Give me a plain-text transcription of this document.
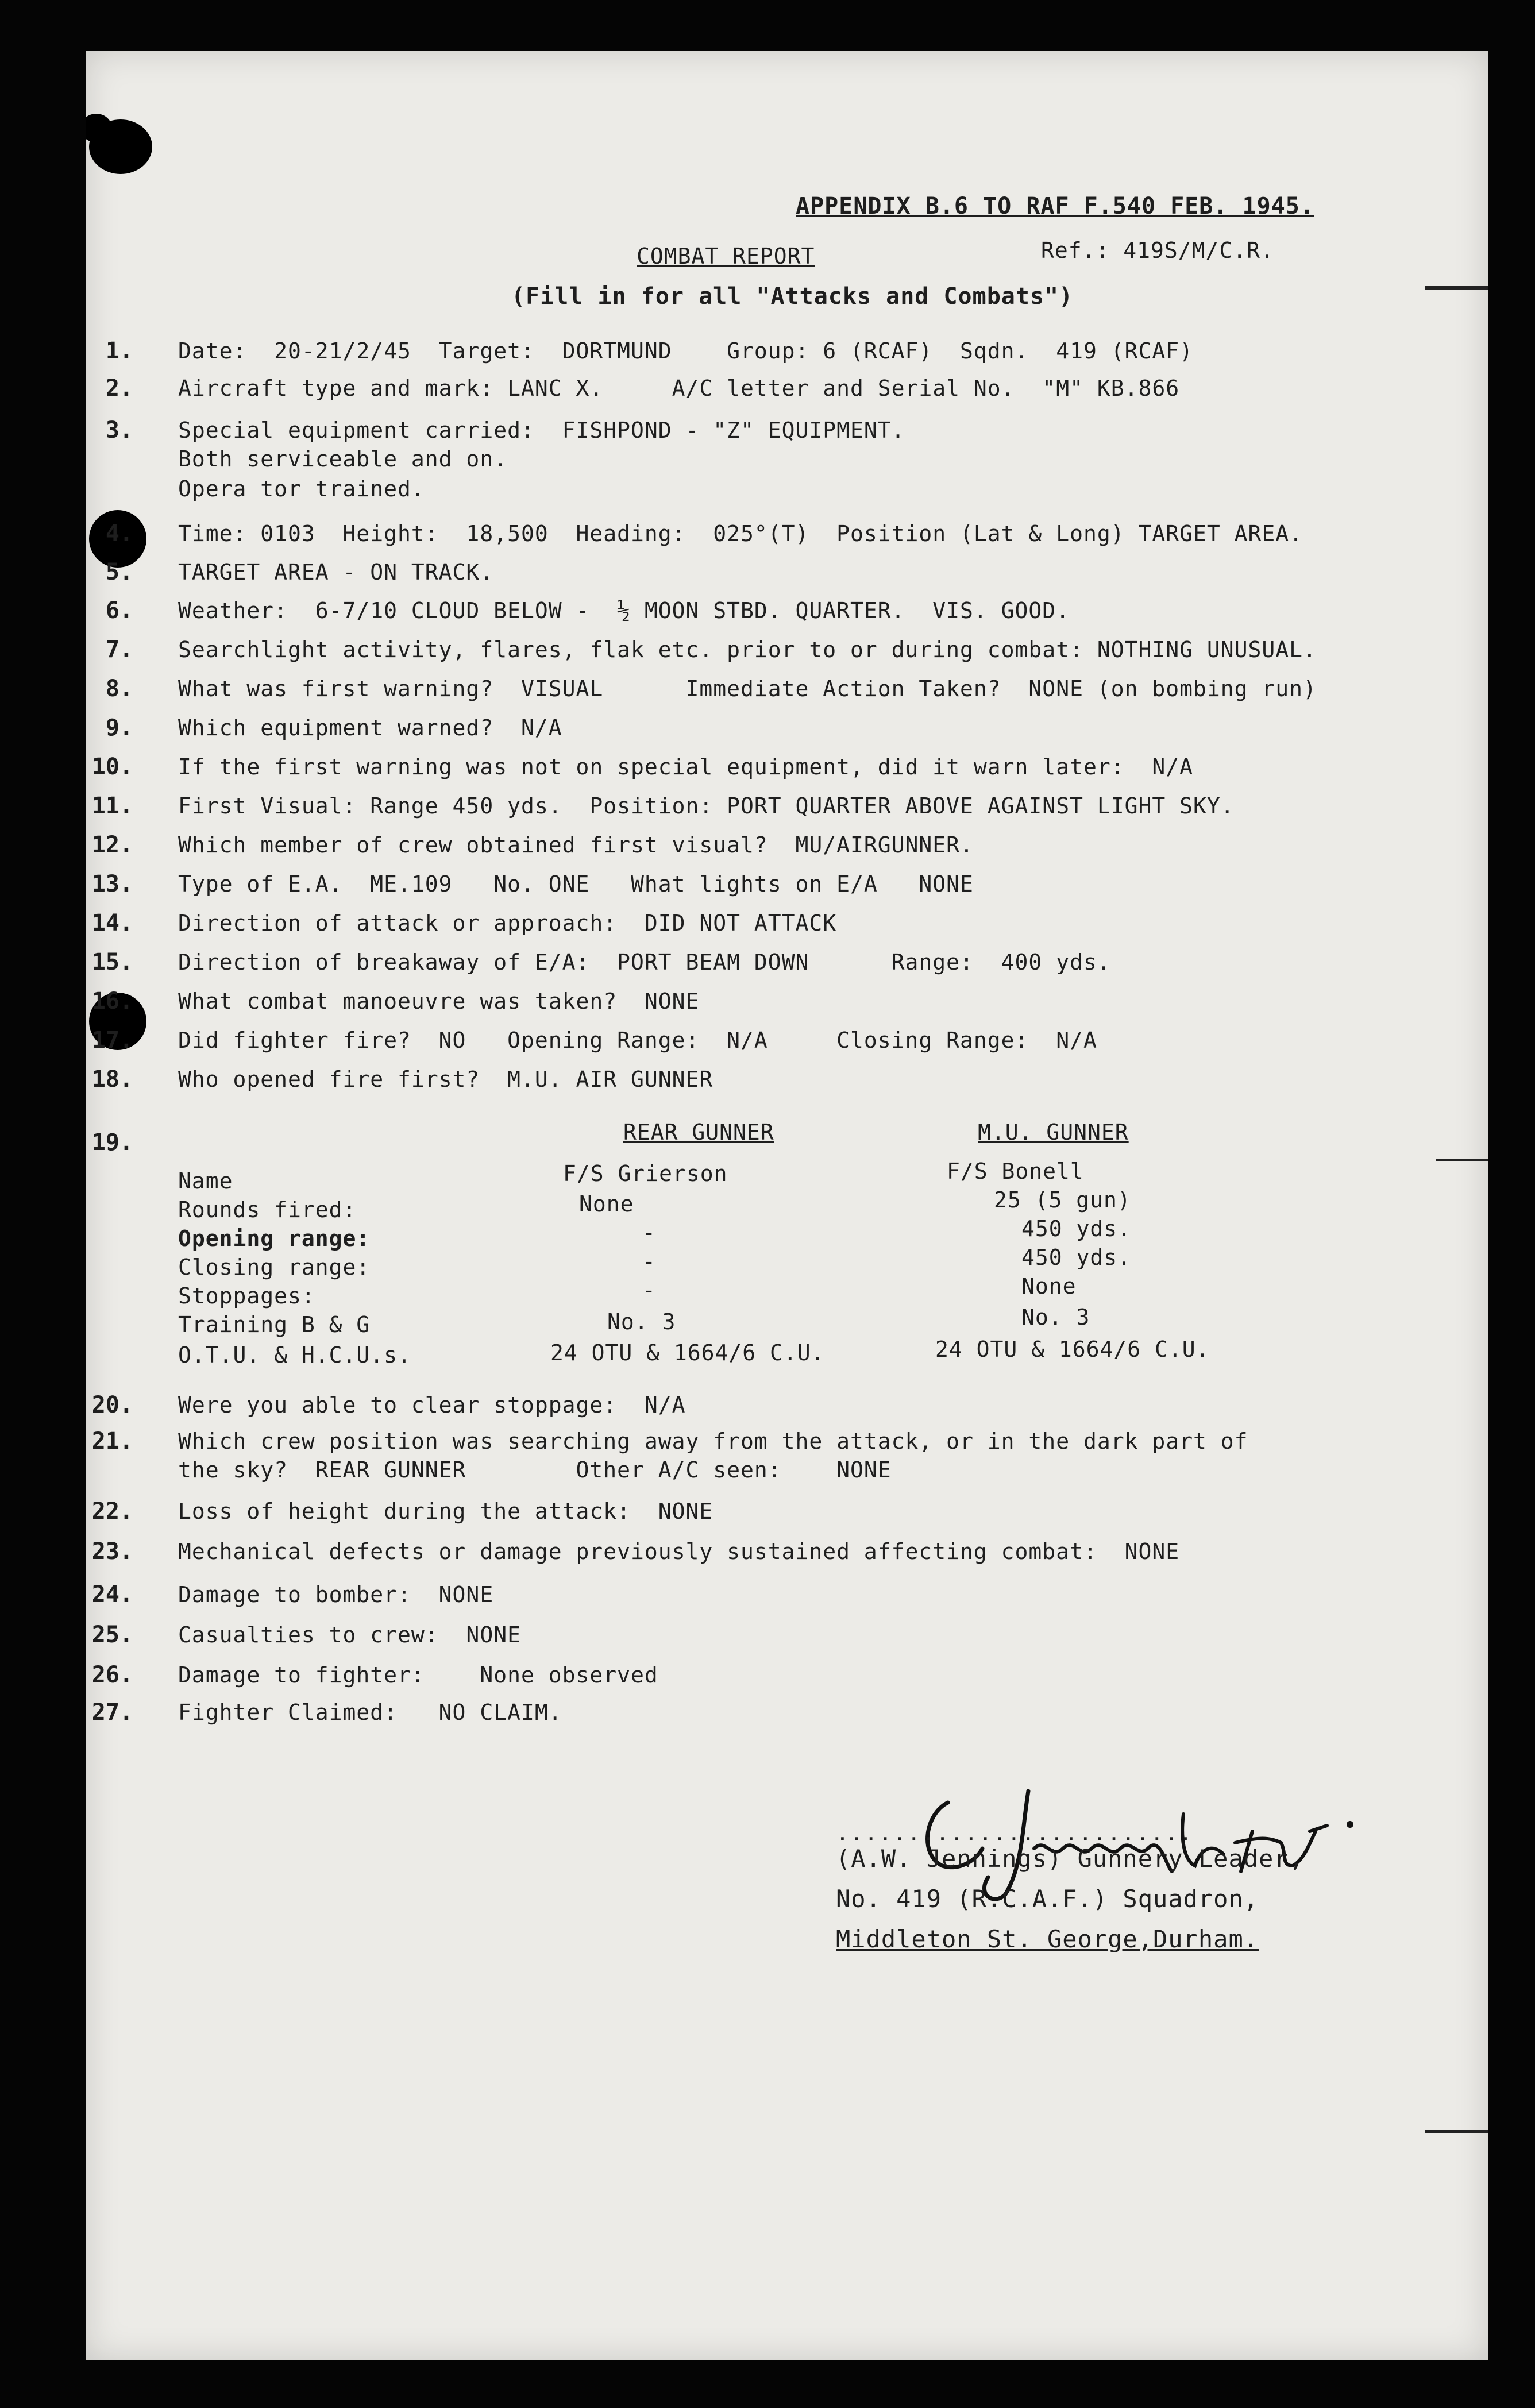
APPENDIX B.6 TO RAF F.540 FEB. 1945.
COMBAT REPORT	Ref.: 419S/M/C.R.
(Fill in for all "Attacks and Combats")
1. Date:  20-21/2/45  Target:  DORTMUND    Group: 6 (RCAF)  Sqdn.  419 (RCAF)
2. Aircraft type and mark: LANC X.     A/C letter and Serial No.  "M" KB.866
3. Special equipment carried:  FISHPOND - "Z" EQUIPMENT.
Both serviceable and on.
Opera tor trained.
4. Time: 0103  Height:  18,500  Heading:  025°(T)  Position (Lat & Long) TARGET AREA.
5. TARGET AREA - ON TRACK.
6. Weather:  6-7/10 CLOUD BELOW -  ½ MOON STBD. QUARTER.  VIS. GOOD.
7. Searchlight activity, flares, flak etc. prior to or during combat: NOTHING UNUSUAL.
8. What was first warning?  VISUAL      Immediate Action Taken?  NONE (on bombing run)
9. Which equipment warned?  N/A
10. If the first warning was not on special equipment, did it warn later:  N/A
11. First Visual: Range 450 yds.  Position: PORT QUARTER ABOVE AGAINST LIGHT SKY.
12. Which member of crew obtained first visual?  MU/AIRGUNNER.
13. Type of E.A.  ME.109   No. ONE   What lights on E/A   NONE
14. Direction of attack or approach:  DID NOT ATTACK
15. Direction of breakaway of E/A:  PORT BEAM DOWN      Range:  400 yds.
16. What combat manoeuvre was taken?  NONE
17. Did fighter fire?  NO   Opening Range:  N/A     Closing Range:  N/A
18. Who opened fire first?  M.U. AIR GUNNER
19.	REAR GUNNER	M.U. GUNNER
Name	F/S Grierson	F/S Bonell
Rounds fired:	None	25 (5 gun)
Opening range:	-	450 yds.
Closing range:	-	450 yds.
Stoppages:	-	None
Training B & G	No. 3	No. 3
O.T.U. & H.C.U.s.	24 OTU & 1664/6 C.U.	24 OTU & 1664/6 C.U.
20. Were you able to clear stoppage:  N/A
21. Which crew position was searching away from the attack, or in the dark part of
the sky?  REAR GUNNER        Other A/C seen:    NONE
22. Loss of height during the attack:  NONE
23. Mechanical defects or damage previously sustained affecting combat:  NONE
24. Damage to bomber:  NONE
25. Casualties to crew:  NONE
26. Damage to fighter:    None observed
27. Fighter Claimed:   NO CLAIM.
.........................
(A.W. Jennings) Gunnery Leader,
No. 419 (R.C.A.F.) Squadron,
Middleton St. George,Durham.
